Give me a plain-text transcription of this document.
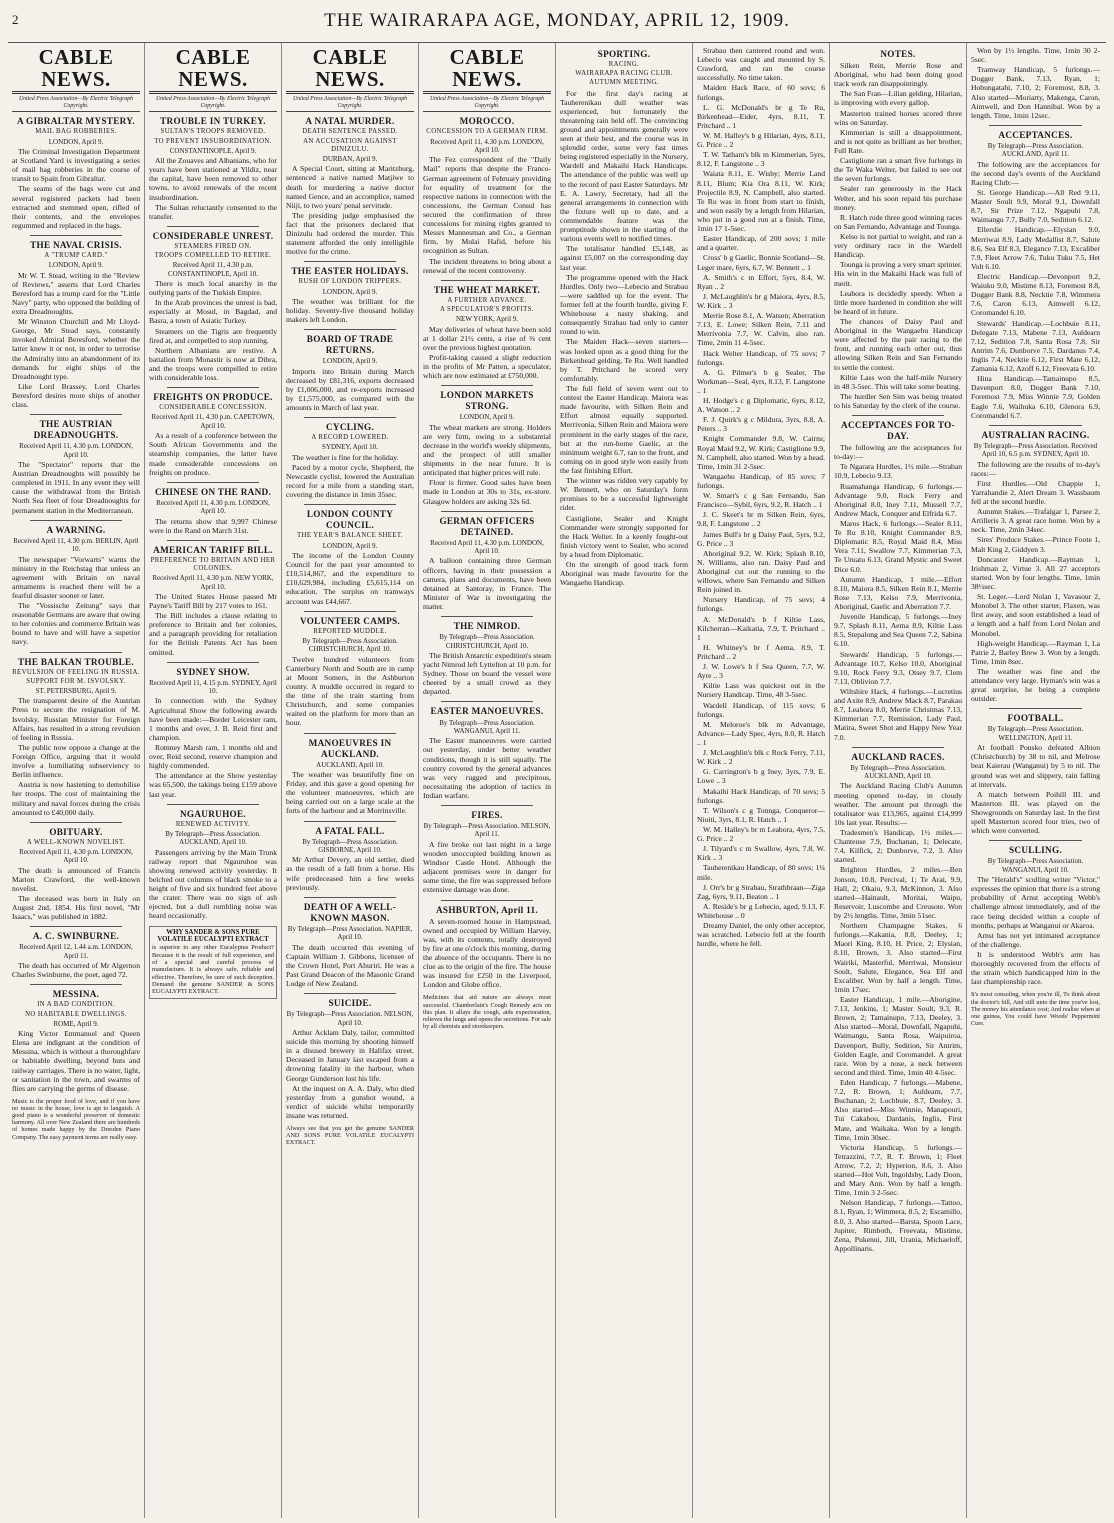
2	THE WAIRARAPA AGE, MONDAY, APRIL 12, 1909.
CABLE NEWS.
United Press Association—By Electric Telegraph Copyright.
A GIBRALTAR MYSTERY.
MAIL BAG ROBBERIES.
LONDON, April 9.

The Criminal Investigation Department at Scotland Yard is investigating a series of mail bag robberies in the course of transit to Spain from Gibraltar.

The seams of the bags were cut and several registered packets had been extracted and stemmed open, rifled of their contents, and the envelopes regummed and replaced in the bags.

THE NAVAL CRISIS.
A "TRUMP CARD."
LONDON, April 9.

Mr W. T. Stead, writing in the "Review of Reviews," asserts that Lord Charles Beresford has a trump card for the "Little Navy" party, who opposed the building of extra Dreadnoughts.

Mr Winston Churchill and Mr Lloyd-George, Mr Stead says, constantly invoked Admiral Beresford, whether the latter knew it or not, in order to terrorise the Admiralty into an abandonment of its demands for eight ships of the Dreadnought type.

Like Lord Brassey, Lord Charles Beresford desires more ships of another class.

THE AUSTRIAN DREADNOUGHTS.
Received April 11, 4.30 p.m. LONDON, April 10.

The "Spectator" reports that the Austrian Dreadnoughts will possibly be completed in 1911. In any event they will cause the withdrawal from the British North Sea fleet of four Dreadnoughts for permanent station in the Mediterranean.

A WARNING.
Received April 11, 4.30 p.m. BERLIN, April 10.

The newspaper "Vorwarts" warns the ministry in the Reichstag that unless an agreement with Britain on naval armaments is reached there will be a fearful disaster sooner or later.

The "Vossische Zeitung" says that reasonable Germans are aware that owing to her colonies and commerce Britain was bound to have and will have a superior navy.

THE BALKAN TROUBLE.
REVULSION OF FEELING IN RUSSIA.
SUPPORT FOR M. ISVOLSKY.
ST. PETERSBURG, April 9.

The transparent desire of the Austrian Press to secure the resignation of M. Isvolsky, Russian Minister for Foreign Affairs, has resulted in a strong revulsion of feeling in Russia.

The public now oppose a change at the Foreign Office, arguing that it would involve a humiliating subserviency to Berlin influence.

Austria is now hastening to demobilise her troops. The cost of maintaining the military and naval forces during the crisis amounted to £40,000 daily.

OBITUARY.
A WELL-KNOWN NOVELIST.
Received April 11, 4.30 p.m. LONDON, April 10.

The death is announced of Francis Marion Crawford, the well-known novelist.

The deceased was born in Italy on August 2nd, 1854. His first novel, "Mr Isaacs," was published in 1882.

A. C. SWINBURNE.
Received April 12, 1.44 a.m. LONDON, April 11.

The death has occurred of Mr Algernon Charles Swinburne, the poet, aged 72.

MESSINA.
IN A BAD CONDITION.
NO HABITABLE DWELLINGS.
ROME, April 9.

King Victor Emmanuel and Queen Elena are indignant at the condition of Messina, which is without a thoroughfare or habitable dwelling, beyond huts and railway carriages. There is no water, light, or sanitation in the town, and swarms of flies are carrying the germs of disease.

Music is the proper food of love, and if you have no music in the house, love is apt to languish. A good piano is a wonderful preserver of domestic harmony. All over New Zealand there are hundreds of homes made happy by the Dresden Piano Company. The easy payment terms are really easy.
CABLE NEWS.
United Press Association—By Electric Telegraph Copyright.
TROUBLE IN TURKEY.
SULTAN'S TROOPS REMOVED.
TO PREVENT INSUBORDINATION.
CONSTANTINOPLE, April 9.

All the Zouaves and Albanians, who for years have been stationed at Yildiz, near the capital, have been removed to other towns, to avoid renewals of the recent insubordination.

The Sultan reluctantly consented to the transfer.

CONSIDERABLE UNREST.
STEAMERS FIRED ON.
TROOPS COMPELLED TO RETIRE.
Received April 11, 4.30 p.m. CONSTANTINOPLE, April 10.

There is much local anarchy in the outlying parts of the Turkish Empire.

In the Arab provinces the unrest is bad, especially at Mosul, in Bagdad, and Basra, a town of Asiatic Turkey.

Steamers on the Tigris are frequently fired at, and compelled to stop running.

Northern Albanians are restive. A battalion from Monastir is now at Dibra, and the troops were compelled to retire with considerable loss.

FREIGHTS ON PRODUCE.
CONSIDERABLE CONCESSION.
Received April 11, 4.30 p.m. CAPETOWN, April 10.

As a result of a conference between the South African Governments and the steamship companies, the latter have made considerable concessions on freights on produce.

CHINESE ON THE RAND.
Received April 11, 4.30 p.m. LONDON, April 10.

The returns show that 9,997 Chinese were in the Rand on March 31st.

AMERICAN TARIFF BILL.
PREFERENCE TO BRITAIN AND HER COLONIES.
Received April 11, 4.30 p.m. NEW YORK, April 10.

The United States House passed Mr Payne's Tariff Bill by 217 votes to 161.

The Bill includes a clause relating to preference to Britain and her colonies, and a paragraph providing for retaliation for the British Patents Act has been omitted.

SYDNEY SHOW.
Received April 11, 4.15 p.m. SYDNEY, April 10.

In connection with the Sydney Agricultural Show the following awards have been made:—Border Leicester ram, 1 months and over, J. B. Reid first and champion.

Romney Marsh ram, 1 months old and over, Reid second, reserve champion and highly commended.

The attendance at the Show yesterday was 65,500, the takings being £159 above last year.

NGAURUHOE.
RENEWED ACTIVITY.
By Telegraph—Press Association. AUCKLAND, April 10.

Passengers arriving by the Main Trunk railway report that Ngauruhoe was showing renewed activity yesterday. It belched out columns of black smoke to a height of five and six hundred feet above the crater. There was no sign of ash ejected, but a dull rumbling noise was heard occasionally.

WHY SANDER & SONS PURE VOLATILE EUCALYPTI EXTRACT
is superior to any other Eucalyptus Product? Because it is the result of full experience, and of a special and careful process of manufacture. It is always safe, reliable and effective. Therefore, be sure of such deception. Demand the genuine SANDER & SONS EUCALYPTI EXTRACT.
CABLE NEWS.
United Press Association—By Electric Telegraph Copyright.
A NATAL MURDER.
DEATH SENTENCE PASSED.
AN ACCUSATION AGAINST DINIZULU.
DURBAN, April 9.

A Special Court, sitting at Maritzburg, sentenced a native named Matjiwe to death for murdering a native doctor named Gence, and an accomplice, named Niiji, to two years' penal servitude.

The presiding judge emphasised the fact that the prisoners declared that Dinizulu had ordered the murder. This statement afforded the only intelligible motive for the crime.

THE EASTER HOLIDAYS.
RUSH OF LONDON TRIPPERS.
LONDON, April 9.

The weather was brilliant for the holiday. Seventy-five thousand holiday makers left London.

BOARD OF TRADE RETURNS.
LONDON, April 9.

Imports into Britain during March decreased by £81,316, exports decreased by £1,006,000, and re-exports increased by £1,575,000, as compared with the amounts in March of last year.

CYCLING.
A RECORD LOWERED.
SYDNEY, April 10.

The weather is fine for the holiday.

Paced by a motor cycle, Shepherd, the Newcastle cyclist, lowered the Australian record for a mile from a standing start, covering the distance in 1min 35sec.

LONDON COUNTY COUNCIL.
THE YEAR'S BALANCE SHEET.
LONDON, April 9.

The income of the London County Council for the past year amounted to £10,514,867, and the expenditure to £10,629,984, including £5,615,114 on education. The surplus on tramways account was £44,667.

VOLUNTEER CAMPS.
REPORTED MUDDLE.
By Telegraph—Press Association. CHRISTCHURCH, April 10.

Twelve hundred volunteers from Canterbury North and South are in camp at Mount Somers, in the Ashburton county. A muddle occurred in regard to the time of the train starting from Christchurch, and some companies waited on the platform for more than an hour.

MANOEUVRES IN AUCKLAND.
AUCKLAND, April 10.

The weather was beautifully fine on Friday, and this gave a good opening for the volunteer manoeuvres, which are being carried out on a large scale at the forts of the harbour and at Morrinsville.

A FATAL FALL.
By Telegraph—Press Association. GISBORNE, April 10.

Mr Arthur Devery, an old settler, died as the result of a fall from a horse. His wife predeceased him a few weeks previously.

DEATH OF A WELL-KNOWN MASON.
By Telegraph—Press Association. NAPIER, April 10.

The death occurred this evening of Captain William J. Gibbons, licensee of the Crown Hotel, Port Ahuriri. He was a Past Grand Deacon of the Masonic Grand Lodge of New Zealand.

SUICIDE.
By Telegraph—Press Association. NELSON, April 10.

Arthur Acklam Daly, tailor, committed suicide this morning by shooting himself in a disused brewery in Halifax street. Deceased in January last escaped from a drowning fatality in the harbour, when George Gunderson lost his life.

At the inquest on A. A. Daly, who died yesterday from a gunshot wound, a verdict of suicide whilst temporarily insane was returned.

Always see that you get the genuine SANDER AND SONS PURE VOLATILE EUCALYPTI EXTRACT.
CABLE NEWS.
United Press Association—By Electric Telegraph Copyright.
MOROCCO.
CONCESSION TO A GERMAN FIRM.
Received April 11, 4.30 p.m. LONDON, April 10.

The Fez correspondent of the "Daily Mail" reports that despite the Franco-German agreement of February providing for equality of treatment for the respective nations in connection with the concessions, the German Consul has secured the confirmation of three concessions for mining rights granted to Messrs Mannesman and Co., a German firm, by Mulai Hafid, before his recognition as Sultan.

The incident threatens to bring about a renewal of the recent controversy.

THE WHEAT MARKET.
A FURTHER ADVANCE.
A SPECULATOR'S PROFITS.
NEW YORK, April 9.

May deliveries of wheat have been sold at 1 dollar 21½ cents, a rise of ⅜ cent over the previous highest quotation.

Profit-taking caused a slight reduction in the profits of Mr Patten, a speculator, which are now estimated at £750,000.

LONDON MARKETS STRONG.
LONDON, April 9.

The wheat markets are strong. Holders are very firm, owing to a substantial decrease in the world's weekly shipments, and the prospect of still smaller shipments in the near future. It is anticipated that higher prices will rule.

Flour is firmer. Good sales have been made in London at 30s to 31s, ex-store. Glasgow holders are asking 32s 6d.

GERMAN OFFICERS DETAINED.
Received April 11, 4.30 p.m. LONDON, April 10.

A balloon containing three German officers, having in their possession a camera, plans and documents, have been detained at Santoray, in France. The Minister of War is investigating the matter.

THE NIMROD.
By Telegraph—Press Association. CHRISTCHURCH, April 10.

The British Antarctic expedition's steam yacht Nimrod left Lyttelton at 10 p.m. for Sydney. Those on board the vessel were cheered by a small crowd as they departed.

EASTER MANOEUVRES.
By Telegraph—Press Association. WANGANUI, April 11.

The Easter manoeuvres were carried out yesterday, under better weather conditions, though it is still squally. The country covered by the general advances was very rugged and precipitous, necessitating the adoption of tactics in Indian warfare.

FIRES.
By Telegraph—Press Association. NELSON, April 11.

A fire broke out last night in a large wooden unoccupied building known as Windsor Castle Hotel. Although the adjacent premises were in danger for some time, the fire was suppressed before extensive damage was done.

ASHBURTON, April 11.

A seven-roomed house in Hampstead, owned and occupied by William Harvey, was, with its contents, totally destroyed by fire at one o'clock this morning, during the absence of the occupants. There is no clue as to the origin of the fire. The house was insured for £250 in the Liverpool, London and Globe office.

Medicines that aid nature are always most successful. Chamberlain's Cough Remedy acts on this plan. It allays the cough, aids expectoration, relieves the lungs and opens the secretions. For sale by all chemists and storekeepers.
SPORTING.
RACING.
WAIRARAPA RACING CLUB.
AUTUMN MEETING.

For the first day's racing at Tauherenikau dull weather was experienced, but fortunately the threatening rain held off. The convincing ground and appointments generally were seen at their best, and the course was in splendid order, some very fast times being registered especially in the Nursery, Wardell and Makaihi Hack Handicaps. The attendance of the public was well up to the record of past Easter Saturdays. Mr E. A. Lawry, Secretary, had all the general arrangements in connection with the fixture well up to date, and a commendable feature was the promptitude shown in the starting of the various events well to notified times.

The totalisator handled £5,148, as against £5,007 on the corresponding day last year.

The programme opened with the Hack Hurdles. Only two—Lebecio and Strabau—were saddled up for the event. The former fell at the fourth hurdle, giving F. Whitehouse a nasty shaking, and consequently Strabau had only to canter round to win.

The Maiden Hack—seven starters—was looked upon as a good thing for the Birkenhead gelding, Te Ru. Well handled by T. Pritchard he scored very comfortably.

The full field of seven went out to contest the Easter Handicap. Maiora was made favourite, with Silken Rein and Effort almost equally supported. Merrivonia, Silken Rein and Maiora were prominent in the early stages of the race, but at the run-home Gaelic, at the minimum weight 6.7, ran to the front, and coming on in good style won easily from the fast finishing Effort.

The winner was ridden very capably by W. Bennett, who on Saturday's form promises to be a successful lightweight rider.

Castiglione, Sealer and Knight Commander were strongly supported for the Hack Welter. In a keenly fought-out finish victory went to Sealer, who scored by a head from Diplomatic.

On the strength of good track form Aboriginal was made favourite for the Wangaehu Handicap.

Strabau then cantered round and won. Lebecio was caught and mounted by S. Crawford, and ran the course successfully. No time taken.

Maiden Hack Race, of 60 sovs; 6 furlongs.

L. G. McDonald's br g Te Ru, Birkenhead—Eider, 4yrs, 8.11, T. Pritchard .. 1

W. M. Halley's b g Hilarian, 4yrs, 8.11, G. Price .. 2

T. W. Tatham's blk m Kimmerian, 5yrs, 8.12, F. Langstone .. 3

Waiata 8.11, E. Wisby; Merrie Land 8.11, Blum; Kia Ora 8.11, W. Kirk; Projectile 8.9, N. Campbell, also started. Te Ru was in front from start to finish, and won easily by a length from Hilarian, who put in a good run at a finish. Time, 1min 17 1-5sec.

Easter Handicap, of 200 sovs; 1 mile and a quarter.

Cross' b g Gaelic, Bonnie Scotland—St. Leger mare, 6yrs, 6.7, W. Bennett .. 1

A. Smith's c m Effort, 5yrs, 8.4, W. Ryan .. 2

J. McLaughlin's br g Maiora, 4yrs, 8.5, W. Kirk .. 3

Merrie Rose 8.1, A. Watson; Aberration 7.13, E. Lowe; Silken Rein, 7.11 and Merrivonia 7.7, W. Calvin, also ran. Time, 2min 11 4-5sec.

Hack Welter Handicap, of 75 sovs; 7 furlongs.

A. G. Pilmer's b g Sealer, The Workman—Seal, 4yrs, 8.13, F. Langstone .. 1

H. Hodge's c g Diplomatic, 6yrs, 8.12, A. Watson .. 2

F. J. Quirk's g c Mildura, 3yrs, 8.8, A. Peters .. 3

Knight Commander 9.8, W. Cairns; Royal Maid 9.2, W. Kirk; Castiglione 9.9, N. Campbell, also started. Won by a head. Time, 1min 31 2-5sec.

Wangaehu Handicap, of 85 sovs; 7 furlongs.

W. Smart's c g San Fernando, San Francisco—Sybil, 6yrs, 9.2, R. Hatch .. 1

J. C. Skeet's br m Silken Rein, 6yrs, 9.8, F. Langstone .. 2

James Bull's br g Daisy Paul, 5yrs, 9.2, G. Price .. 3

Aboriginal 9.2, W. Kirk; Splash 8.10, N. Williams, also ran. Daisy Paul and Aboriginal cut out the running to the willows, where San Fernando and Silken Rein joined in.

Nursery Handicap, of 75 sovs; 4 furlongs.

A. McDonald's b f Kiltie Lass, Kilcherran—Kaikatia, 7.9, T. Pritchard .. 1

H. Whitney's br f Aema, 8.9, T. Pritchard .. 2

J. W. Lowe's b f Sea Queen, 7.7, W. Ayre .. 3

Kiltie Lass was quickest out in the Nursery Handicap. Time, 48 3-5sec.

Wardell Handicap, of 115 sovs; 6 furlongs.

M. Meloroe's blk m Advantage, Advance—Lady Spec, 4yrs, 8.0, R. Hatch .. 1

J. McLaughlin's blk c Rock Ferry, 7.11, W. Kirk .. 2

G. Carrington's b g Iney, 3yrs, 7.9, E. Lowe .. 3

Makaihi Hack Handicap, of 70 sovs; 5 furlongs.

T. Wilson's c g Tonnga, Conqueror—Nioiti, 3yrs, 8.1, R. Hatch .. 1

W. M. Halley's br m Leabora, 4yrs, 7.5, G. Price .. 2

J. Tilyard's c m Swallow, 4yrs, 7.8, W. Kirk .. 3

Tauherenikau Handicap, of 80 sovs; 1¼ mile.

J. Orr's br g Strabau, Strathbraan—Ziga Zag, 6yrs, 9.11, Beaton .. 1

A. Reside's br g Lebecio, aged, 9.13, F. Whitehouse .. 0

Dreamy Daniel, the only other acceptor, was scratched. Lebecio fell at the fourth hurdle, where he fell.

NOTES.

Silken Rein, Merrie Rose and Aboriginal, who had been doing good track work ran disappointingly.

The San Fran—Lilian gelding, Hilarian, is improving with every gallop.

Masterton trained horses scored three wins on Saturday.

Kimmerian is still a disappointment, and is not quite as brilliant as her brother, Full Rate.

Castiglione ran a smart five furlongs in the Te Waka Welter, but failed to see out the seven furlongs.

Sealer ran generously in the Hack Welter, and his soon repaid his purchase money.

R. Hatch rode three good winning races on San Fernando, Advantage and Tounga.

Kelso is not partial to weight, and ran a very ordinary race in the Wardell Handicap.

Tounga is proving a very smart sprinter. His win in the Makaihi Hack was full of merit.

Leabora is decidedly speedy. When a little more hardened in condition she will be heard of in future.

The chances of Daisy Paul and Aboriginal in the Wangaehu Handicap were affected by the pair racing to the front, and running each other out, thus allowing Silken Rein and San Fernando to settle the contest.

Kiltie Lass won the half-mile Nursery in 48 3-5sec. This will take some beating.

The hurdler Sen Sim was being treated to his Saturday by the clerk of the course.

ACCEPTANCES FOR TO-DAY.

The following are the acceptances for to-day:—

Te Ngarara Hurdles, 1½ mile.—Straban 10.9, Lebecio 9.13.

Ruamahanga Handicap, 6 furlongs.—Advantage 9.0, Rock Ferry and Aboriginal 8.0, Iney 7.11, Mussell 7.7, Andrew Mack, Conquer and Elfrida 6.7.

Maros Hack, 6 furlongs.—Sealer 8.11, Te Ru 8.10, Knight Commander 8.9, Diplomatic 8.5, Royal Maid 8.4, Miss Vera 7.11, Swallow 7.7, Kimmerian 7.3, Te Uruatu 6.13, Grand Mystic and Sweet Dice 6.0.

Autumn Handicap, 1 mile.—Effort 8.10, Maiora 8.5, Silken Rein 8.1, Merrie Rose 7.13, Kelso 7.9, Merrivonia, Aboriginal, Gaelic and Aberration 7.7.

Juvenile Handicap, 5 furlongs.—Iney 9.7, Splash 8.11, Aema 8.9, Kiltie Lass 8.5, Stepalong and Sea Queen 7.2, Sabina 6.10.

Stewards' Handicap, 5 furlongs.—Advantage 10.7, Kelso 10.0, Aboriginal 9.10, Rock Ferry 9.3, Otsey 9.7, Clem 7.13, Oblivion 7.7.

Wiltshire Hack, 4 furlongs.—Lucretius and Axite 8.9, Andrew Mack 8.7, Parakau 8.7, Leabora 8.0, Merrie Christmas 7.13, Kimmerian 7.7, Remission, Lady Paul, Matira, Sweet Shot and Happy New Year 7.0.

AUCKLAND RACES.
By Telegraph—Press Association. AUCKLAND, April 10.

The Auckland Racing Club's Autumn meeting opened to-day, in cloudy weather. The amount put through the totalisator was £13,965, against £14,999 10s last year. Results:—

Tradesmen's Handicap, 1½ miles.—Chanteuse 7.9, Buchanan, 1; Delecate, 7.4, Kilfick, 2; Dunborve, 7.2, 3. Also started.

Brighton Hurdles, 2 miles.—Ben Jonson, 10.8, Percival, 1; Te Arai, 9.9, Hall, 2; Okaiu, 9.3, McKinnon, 3. Also started—Hainault, Moritai, Waipu, Reservoir, Luscombe and Creusote. Won by 2½ lengths. Time, 3min 51sec.

Northern Champagne Stakes, 6 furlongs.—Kakania, 8.8, Deeley, 1; Maori King, 8.10, H. Price, 2; Elysian, 8.10, Brown, 3. Also started—First Wairiki, Masterful, Merriwai, Monsieur Soult, Salute, Elegance, Sea Elf and Excaliber. Won by half a length. Time, 1min 17sec.

Easter Handicap, 1 mile.—Aborigine, 7.13, Jenkins, 1; Master Soult, 9.3, R. Brown, 2; Tamainupo, 7.13, Deeley, 3. Also started—Moral, Downfall, Ngapuhi, Waimangu, Santa Rosa, Waipuiroa, Davenport, Bully, Sedition, Sir Antrim, Golden Eagle, and Coromandel. A great race. Won by a nose, a neck between second and third. Time, 1min 40 4-5sec.

Eden Handicap, 7 furlongs.—Mabene, 7.2, R. Brown, 1; Auldearn, 7.7, Buchanan, 2; Lochbuie, 8.7, Deeley, 3. Also started—Miss Winnie, Manapouri, Tui Cakabou, Dardanis, Inglis, First Mate, and Waikaka. Won by a length. Time, 1min 30sec.

Victoria Handicap, 5 furlongs.—Tetrazzini, 7.7, R. T. Brown, 1; Fleet Arrow, 7.2, 2; Hyperion, 8.6, 3. Also started—Hot Volt, Ingoldsby, Lady Doon, and Mary Ann. Won by half a length. Time, 1min 3 2-5sec.

Nelson Handicap, 7 furlongs.—Tattoo, 8.1, Ryan, 1; Wimmera, 8.5, 2; Escamillo, 8.0, 3. Also started—Barsta, Spoon Lace, Jupiter, Rimboth, Freevata, Mistime, Zena, Pukenui, Jill, Urania, Michaeloff, Appollinaris.

Won by 1½ lengths. Time, 1min 30 2-5sec.

Tramway Handicap, 5 furlongs.—Dogger Bank, 7.13, Ryan, 1; Hobungatahi, 7.10, 2; Foremost, 8.8, 3. Also started—Moriarty, Makenga, Caron, Aimwell, and Don Hannibal. Won by a length. Time, 1min 12sec.

ACCEPTANCES.
By Telegraph—Press Association. AUCKLAND, April 11.

The following are the acceptances for the second day's events of the Auckland Racing Club:—

St. George Handicap.—All Red 9.11, Master Soult 9.9, Moral 9.1, Downfall 8.7, Sir Prize 7.12, Ngapuhi 7.8, Waimangu 7.7, Bully 7.0, Sedition 6.12.

Ellerslie Handicap.—Elysian 9.0, Merriwai 8.9, Lady Medallist 8.7, Salute 8.6, Sea Elf 8.3, Elegance 7.13, Excaliber 7.9, Fleet Arrow 7.6, Tuku Tuku 7.5, Het Volt 6.10.

Electric Handicap.—Devonport 9.2, Waiuku 9.0, Mistime 8.13, Foremost 8.8, Dogger Bank 8.8, Necktie 7.8, Wimmera 7.6, Caron 6.13, Aimwell 6.12, Coromandel 6.10.

Stewards' Handicap.—Lochbuie 8.11, Delegate 7.13, Mabene 7.13, Auldearn 7.12, Sedition 7.8, Santa Rosa 7.8, Sir Antrim 7.6, Dunborve 7.5, Dardanus 7.4, Inglis 7.4, Necktie 6.12, First Mate 6.12, Zamania 6.12, Azoff 6.12, Freevata 6.10.

Hina Handicap.—Tamainupo 8.5, Davenport 8.0, Dogger Bank 7.10, Foremost 7.9, Miss Winnie 7.9, Golden Eagle 7.6, Waihuka 6.10, Glenora 6.9, Coromandel 6.7.

AUSTRALIAN RACING.
By Telegraph—Press Association. Received April 10, 6.5 p.m. SYDNEY, April 10.

The following are the results of to-day's races:—

First Hurdles.—Old Chappie 1, Yarrahandie 2, Alert Dream 3. Wassbaum fell at the second hurdle.

Autumn Stakes.—Trafalgar 1, Parsee 2, Artilleris 3. A great race home. Won by a neck. Time, 2min 34sec.

Sires' Produce Stakes.—Prince Foote 1, Malt King 2, Giddyen 3.

Doncaster Handicap.—Rayman 1, Irishman 2, Virtue 3. All 27 acceptors started. Won by four lengths. Time, 1min 38½sec.

St. Leger.—Lord Nolan 1, Vavasour 2, Monobel 3. The other starter, Flaxen, was first away, and soon established a lead of a length and a half from Lord Nolan and Monobel.

High-weight Handicap.—Rayman 1, La Patrie 2, Barley Brew 3. Won by a length. Time, 1min 8sec.

The weather was fine and the attendance very large. Hyman's win was a great surprise, he being a complete outsider.

FOOTBALL.
By Telegraph—Press Association. WELLINGTON, April 11.

At football Ponsko defeated Albion (Christchurch) by 38 to nil, and Melrose beat Kaierau (Wanganui) by 5 to nil. The ground was wet and slippery, rain falling at intervals.

A match between Poihill III. and Masterton III. was played on the Showgrounds on Saturday last. In the first spell Masterton scored four tries, two of which were converted.

SCULLING.
By Telegraph—Press Association. WANGANUI, April 10.

The "Herald's" sculling writer "Victor," expresses the opinion that there is a strong probability of Arnst accepting Webb's challenge almost immediately, and of the race being decided within a couple of months, perhaps at Wanganui or Akaroa.

Arnst has not yet intimated acceptance of the challenge.

It is understood Webb's arm has thoroughly recovered from the effects of the strain which handicapped him in the last championship race.

It's most consoling, when you're ill, To think about the doctor's bill, And still unto the time you've lost, The money his attendance cost; And realise when at one guinea, You could have Woods' Peppermint Cure.
